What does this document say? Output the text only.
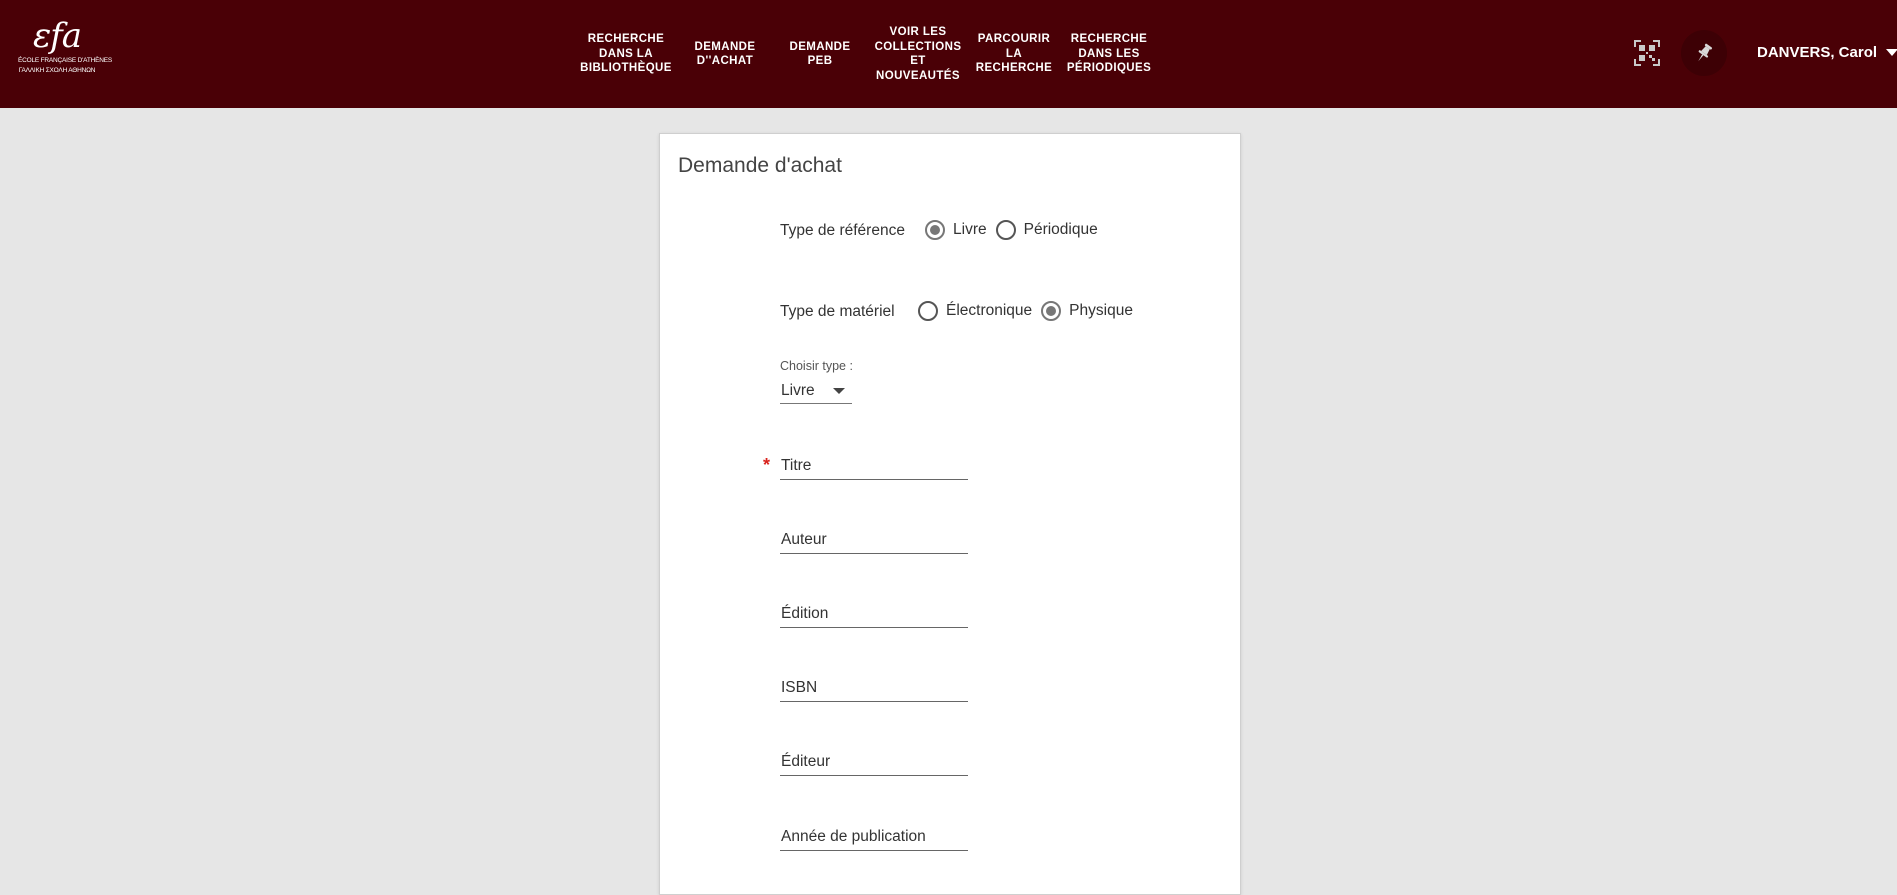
εfa
ÉCOLE FRANÇAISE D'ATHÈNES
ΓΑΛΛΙΚΗ ΣΧΟΛΗ ΑΘΗΝΩΝ
RECHERCHE
DANS LA
BIBLIOTHÈQUE
DEMANDE
D''ACHAT
DEMANDE
PEB
VOIR LES
COLLECTIONS
ET
NOUVEAUTÉS
PARCOURIR
LA
RECHERCHE
RECHERCHE
DANS LES
PÉRIODIQUES
DANVERS, Carol
Demande d'achat
Type de référence	Livre Périodique
Type de matériel	Électronique Physique
Choisir type :
Livre
* Titre
Auteur
Édition
ISBN
Éditeur
Année de publication
